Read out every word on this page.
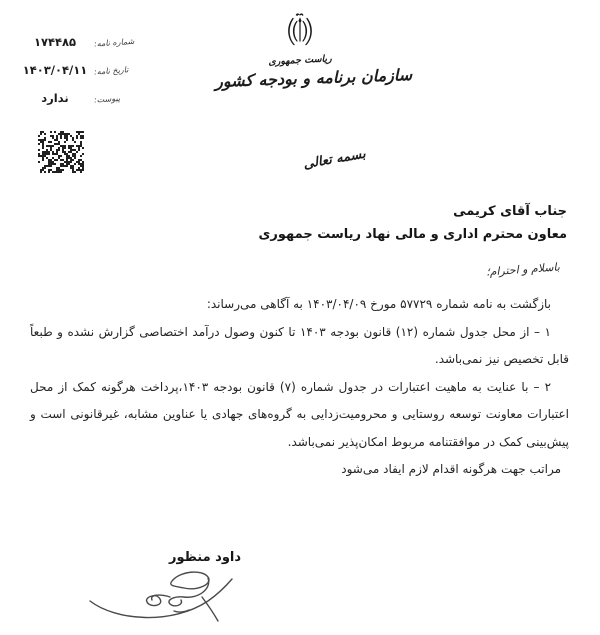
شماره نامه:
۱۷۴۴۸۵
تاریخ نامه:
۱۴۰۳/۰۴/۱۱
پیوست:
ندارد
ریاست جمهوری
سازمان برنامه و بودجه کشور
بسمه تعالی
جناب آقای کریمی
معاون محترم اداری و مالی نهاد ریاست جمهوری
باسلام و احترام؛
بازگشت به نامه شماره ۵۷۷۲۹ مورخ ۱۴۰۳/۰۴/۰۹ به آگاهی می‌رساند:
۱ – از محل جدول شماره (۱۲) قانون بودجه ۱۴۰۳ تا کنون وصول درآمد اختصاصی گزارش نشده و طبعاً
قابل تخصیص نیز نمی‌باشد.
۲ – با عنایت به ماهیت اعتبارات در جدول شماره (۷) قانون بودجه ۱۴۰۳،پرداخت هرگونه کمک از محل
اعتبارات معاونت توسعه روستایی و محرومیت‌زدایی به گروه‌های جهادی یا عناوین مشابه، غیرقانونی است و
پیش‌بینی کمک در موافقتنامه مربوط امکان‌پذیر نمی‌باشد.
مراتب جهت هرگونه اقدام لازم ایفاد می‌شود
داود منظور
